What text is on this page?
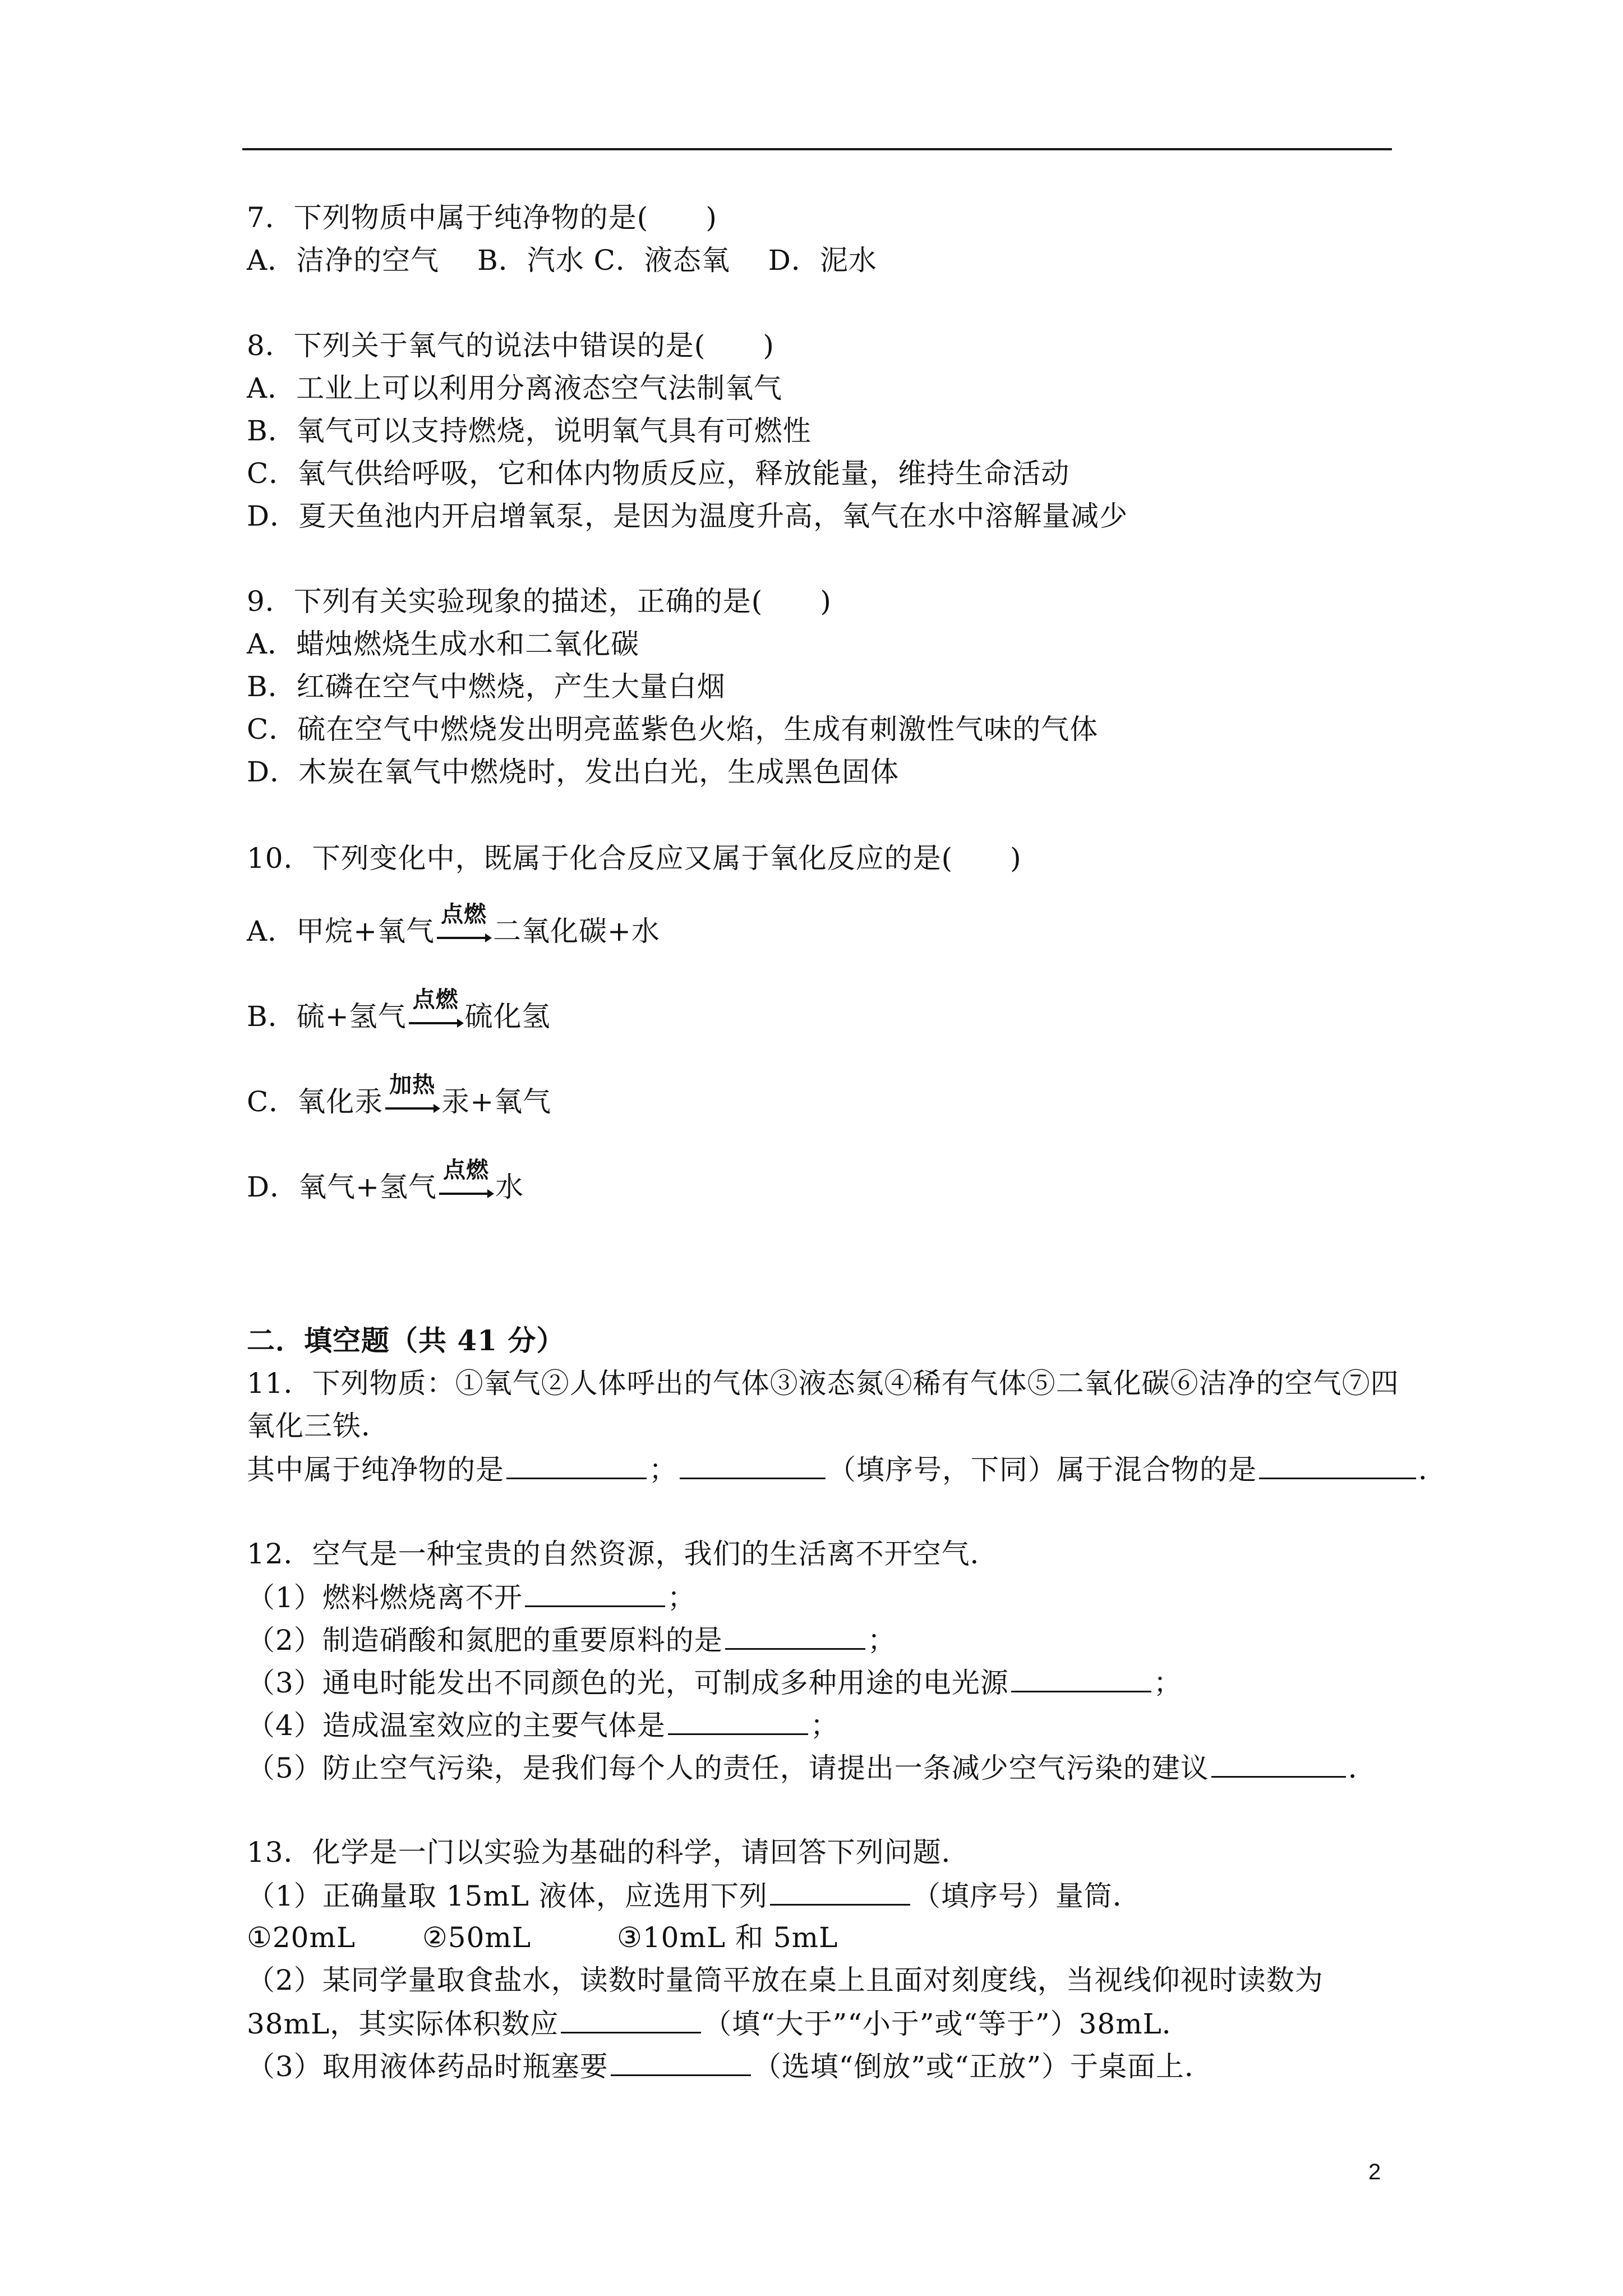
7．下列物质中属于纯净物的是(　　)
A．洁净的空气　 B．汽水 C．液态氧　 D．泥水
8．下列关于氧气的说法中错误的是(　　)
A．工业上可以利用分离液态空气法制氧气
B．氧气可以支持燃烧，说明氧气具有可燃性
C．氧气供给呼吸，它和体内物质反应，释放能量，维持生命活动
D．夏天鱼池内开启增氧泵，是因为温度升高，氧气在水中溶解量减少
9．下列有关实验现象的描述，正确的是(　　)
A．蜡烛燃烧生成水和二氧化碳
B．红磷在空气中燃烧，产生大量白烟
C．硫在空气中燃烧发出明亮蓝紫色火焰，生成有刺激性气味的气体
D．木炭在氧气中燃烧时，发出白光，生成黑色固体
10．下列变化中，既属于化合反应又属于氧化反应的是(　　)
A．甲烷+氧气
点燃
二氧化碳+水
B．硫+氢气
点燃
硫化氢
C．氧化汞
加热
汞+氧气
D．氧气+氢气
点燃
水
二．填空题（共 41 分）
11．下列物质：①氧气②人体呼出的气体③液态氮④稀有气体⑤二氧化碳⑥洁净的空气⑦四
氧化三铁．
其中属于纯净物的是	；	（填序号，下同）属于混合物的是	．
12．空气是一种宝贵的自然资源，我们的生活离不开空气．
（1）燃料燃烧离不开	；
（2）制造硝酸和氮肥的重要原料的是	；
（3）通电时能发出不同颜色的光，可制成多种用途的电光源	；
（4）造成温室效应的主要气体是	；
（5）防止空气污染，是我们每个人的责任，请提出一条减少空气污染的建议	．
13．化学是一门以实验为基础的科学，请回答下列问题．
（1）正确量取 15mL 液体，应选用下列	（填序号）量筒．
①20mL　　 ②50mL　　　③10mL 和 5mL
（2）某同学量取食盐水，读数时量筒平放在桌上且面对刻度线，当视线仰视时读数为
38mL，其实际体积数应	（填“大于”“小于”或“等于”）38mL．
（3）取用液体药品时瓶塞要	（选填“倒放”或“正放”）于桌面上．
2
